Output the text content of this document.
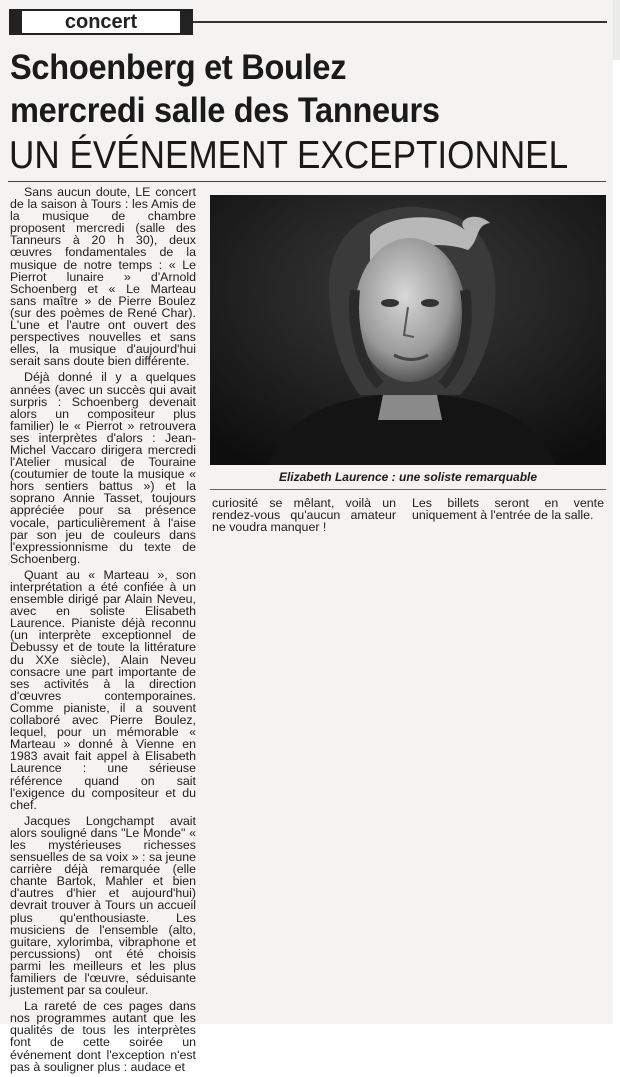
concert
Schoenberg et Boulez
mercredi salle des Tanneurs
UN ÉVÉNEMENT EXCEPTIONNEL

Sans aucun doute, LE concert de la saison à Tours : les Amis de la musique de chambre proposent mercredi (salle des Tanneurs à 20 h 30), deux œuvres fondamentales de la musique de notre temps : « Le Pierrot lunaire » d'Arnold Schoenberg et « Le Marteau sans maître » de Pierre Boulez (sur des poèmes de René Char). L'une et l'autre ont ouvert des perspectives nouvelles et sans elles, la musique d'aujourd'hui serait sans doute bien différente.

Déjà donné il y a quelques années (avec un succès qui avait surpris : Schoenberg devenait alors un compositeur plus familier) le « Pierrot » retrouvera ses interprètes d'alors : Jean-Michel Vaccaro dirigera mercredi l'Atelier musical de Touraine (coutumier de toute la musique « hors sentiers battus ») et la soprano Annie Tasset, toujours appréciée pour sa présence vocale, particulièrement à l'aise par son jeu de couleurs dans l'expressionnisme du texte de Schoenberg.

Quant au « Marteau », son interprétation a été confiée à un ensemble dirigé par Alain Neveu, avec en soliste Elisabeth Laurence. Pianiste déjà reconnu (un interprète exceptionnel de Debussy et de toute la littérature du XXe siècle), Alain Neveu consacre une part importante de ses activités à la direction d'œuvres contemporaines. Comme pianiste, il a souvent collaboré avec Pierre Boulez, lequel, pour un mémorable « Marteau » donné à Vienne en 1983 avait fait appel à Elisabeth Laurence : une sérieuse référence quand on sait l'exigence du compositeur et du chef.

Jacques Longchampt avait alors souligné dans "Le Monde" « les mystérieuses richesses sensuelles de sa voix » : sa jeune carrière déjà remarquée (elle chante Bartok, Mahler et bien d'autres d'hier et aujourd'hui) devrait trouver à Tours un accueil plus qu'enthousiaste. Les musiciens de l'ensemble (alto, guitare, xylorimba, vibraphone et percussions) ont été choisis parmi les meilleurs et les plus familiers de l'œuvre, séduisante justement par sa couleur.

La rareté de ces pages dans nos programmes autant que les qualités de tous les interprètes font de cette soirée un événement dont l'exception n'est pas à souligner plus : audace et

Elizabeth Laurence : une soliste remarquable

curiosité se mêlant, voilà un rendez-vous qu'aucun amateur ne voudra manquer !

Les billets seront en vente uniquement à l'entrée de la salle.
